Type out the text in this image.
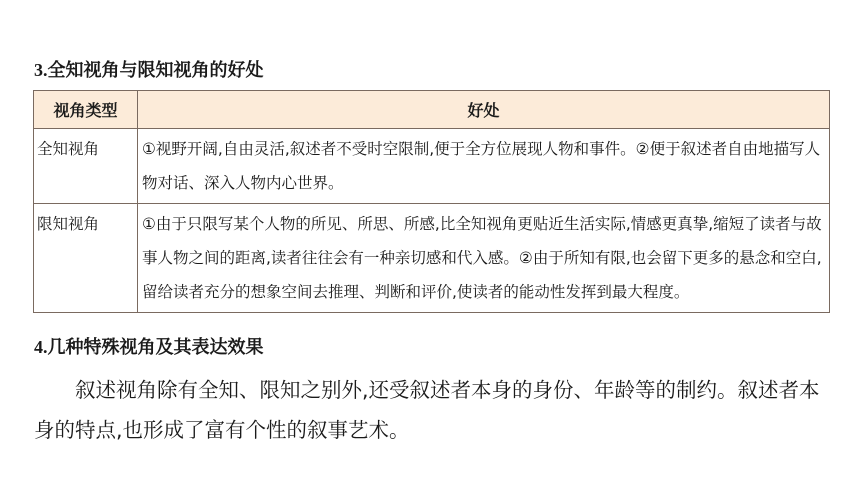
3.全知视角与限知视角的好处
视角类型	好处
全知视角	①视野开阔,自由灵活,叙述者不受时空限制,便于全方位展现人物和事件。②便于叙述者自由地描写人物对话、深入人物内心世界。
限知视角	①由于只限写某个人物的所见、所思、所感,比全知视角更贴近生活实际,情感更真挚,缩短了读者与故事人物之间的距离,读者往往会有一种亲切感和代入感。②由于所知有限,也会留下更多的悬念和空白,留给读者充分的想象空间去推理、判断和评价,使读者的能动性发挥到最大程度。
4.几种特殊视角及其表达效果
叙述视角除有全知、限知之别外,还受叙述者本身的身份、年龄等的制约。叙述者本身的特点,也形成了富有个性的叙事艺术。
